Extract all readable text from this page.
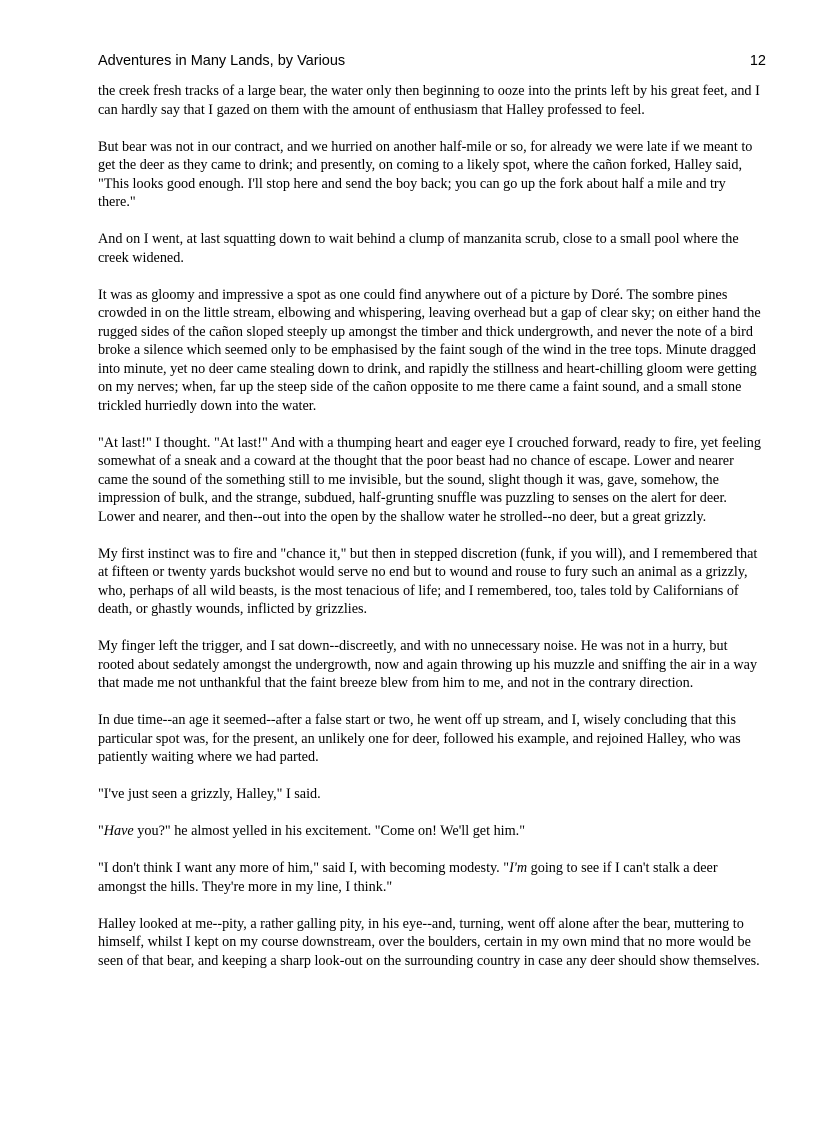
Adventures in Many Lands, by Various	12

the creek fresh tracks of a large bear, the water only then beginning to ooze into the prints left by his great feet, and I can hardly say that I gazed on them with the amount of enthusiasm that Halley professed to feel.

But bear was not in our contract, and we hurried on another half-mile or so, for already we were late if we meant to get the deer as they came to drink; and presently, on coming to a likely spot, where the cañon forked, Halley said, "This looks good enough. I'll stop here and send the boy back; you can go up the fork about half a mile and try there."

And on I went, at last squatting down to wait behind a clump of manzanita scrub, close to a small pool where the creek widened.

It was as gloomy and impressive a spot as one could find anywhere out of a picture by Doré. The sombre pines crowded in on the little stream, elbowing and whispering, leaving overhead but a gap of clear sky; on either hand the rugged sides of the cañon sloped steeply up amongst the timber and thick undergrowth, and never the note of a bird broke a silence which seemed only to be emphasised by the faint sough of the wind in the tree tops. Minute dragged into minute, yet no deer came stealing down to drink, and rapidly the stillness and heart-chilling gloom were getting on my nerves; when, far up the steep side of the cañon opposite to me there came a faint sound, and a small stone trickled hurriedly down into the water.

"At last!" I thought. "At last!" And with a thumping heart and eager eye I crouched forward, ready to fire, yet feeling somewhat of a sneak and a coward at the thought that the poor beast had no chance of escape. Lower and nearer came the sound of the something still to me invisible, but the sound, slight though it was, gave, somehow, the impression of bulk, and the strange, subdued, half-grunting snuffle was puzzling to senses on the alert for deer. Lower and nearer, and then--out into the open by the shallow water he strolled--no deer, but a great grizzly.

My first instinct was to fire and "chance it," but then in stepped discretion (funk, if you will), and I remembered that at fifteen or twenty yards buckshot would serve no end but to wound and rouse to fury such an animal as a grizzly, who, perhaps of all wild beasts, is the most tenacious of life; and I remembered, too, tales told by Californians of death, or ghastly wounds, inflicted by grizzlies.

My finger left the trigger, and I sat down--discreetly, and with no unnecessary noise. He was not in a hurry, but rooted about sedately amongst the undergrowth, now and again throwing up his muzzle and sniffing the air in a way that made me not unthankful that the faint breeze blew from him to me, and not in the contrary direction.

In due time--an age it seemed--after a false start or two, he went off up stream, and I, wisely concluding that this particular spot was, for the present, an unlikely one for deer, followed his example, and rejoined Halley, who was patiently waiting where we had parted.

"I've just seen a grizzly, Halley," I said.

"Have you?" he almost yelled in his excitement. "Come on! We'll get him."

"I don't think I want any more of him," said I, with becoming modesty. "I'm going to see if I can't stalk a deer amongst the hills. They're more in my line, I think."

Halley looked at me--pity, a rather galling pity, in his eye--and, turning, went off alone after the bear, muttering to himself, whilst I kept on my course downstream, over the boulders, certain in my own mind that no more would be seen of that bear, and keeping a sharp look-out on the surrounding country in case any deer should show themselves.
